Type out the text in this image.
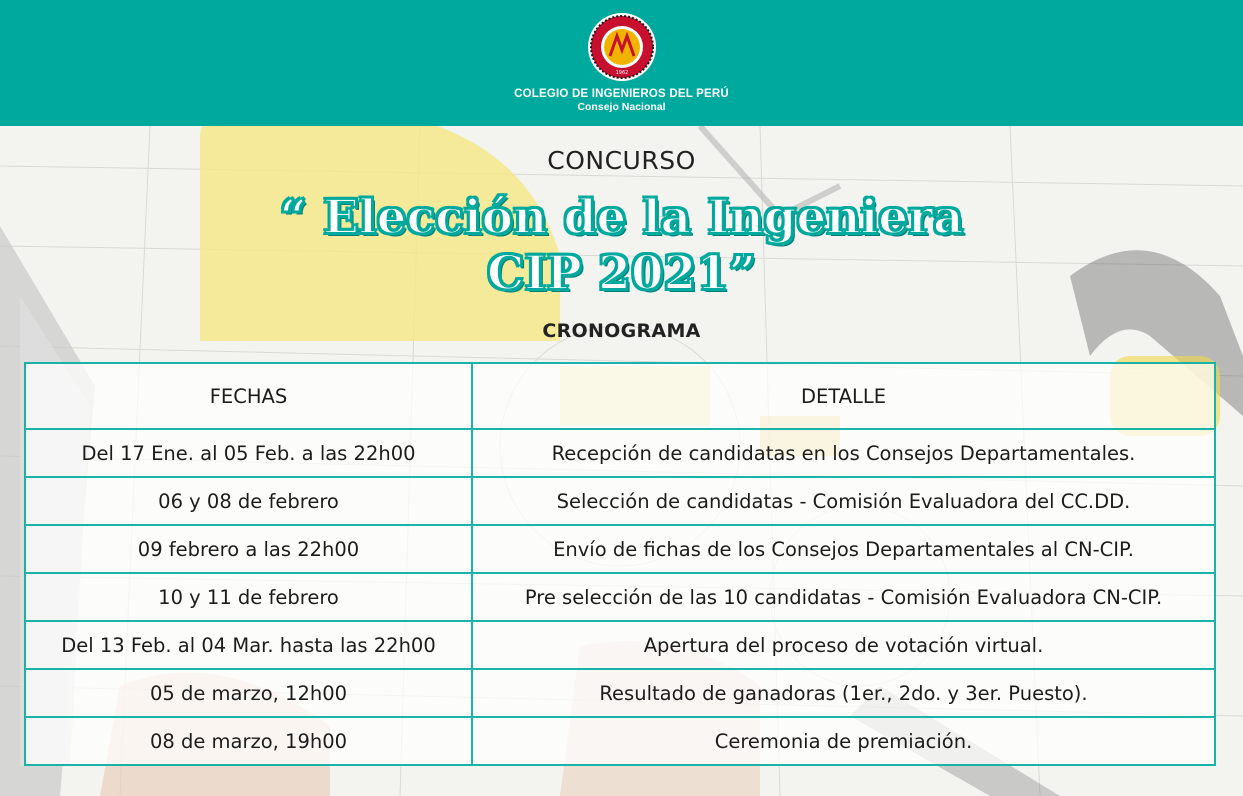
1962
COLEGIO DE INGENIEROS DEL PERÚ
Consejo Nacional
CONCURSO
“ Elección de la Ingeniera
CIP 2021”
CRONOGRAMA
FECHAS	DETALLE
Del 17 Ene. al 05 Feb. a las 22h00	Recepción de candidatas en los Consejos Departamentales.
06 y 08 de febrero	Selección de candidatas - Comisión Evaluadora del CC.DD.
09 febrero a las 22h00	Envío de fichas de los Consejos Departamentales al CN-CIP.
10 y 11 de febrero	Pre selección de las 10 candidatas - Comisión Evaluadora CN-CIP.
Del 13 Feb. al 04 Mar. hasta las 22h00	Apertura del proceso de votación virtual.
05 de marzo, 12h00	Resultado de ganadoras (1er., 2do. y 3er. Puesto).
08 de marzo, 19h00	Ceremonia de premiación.
